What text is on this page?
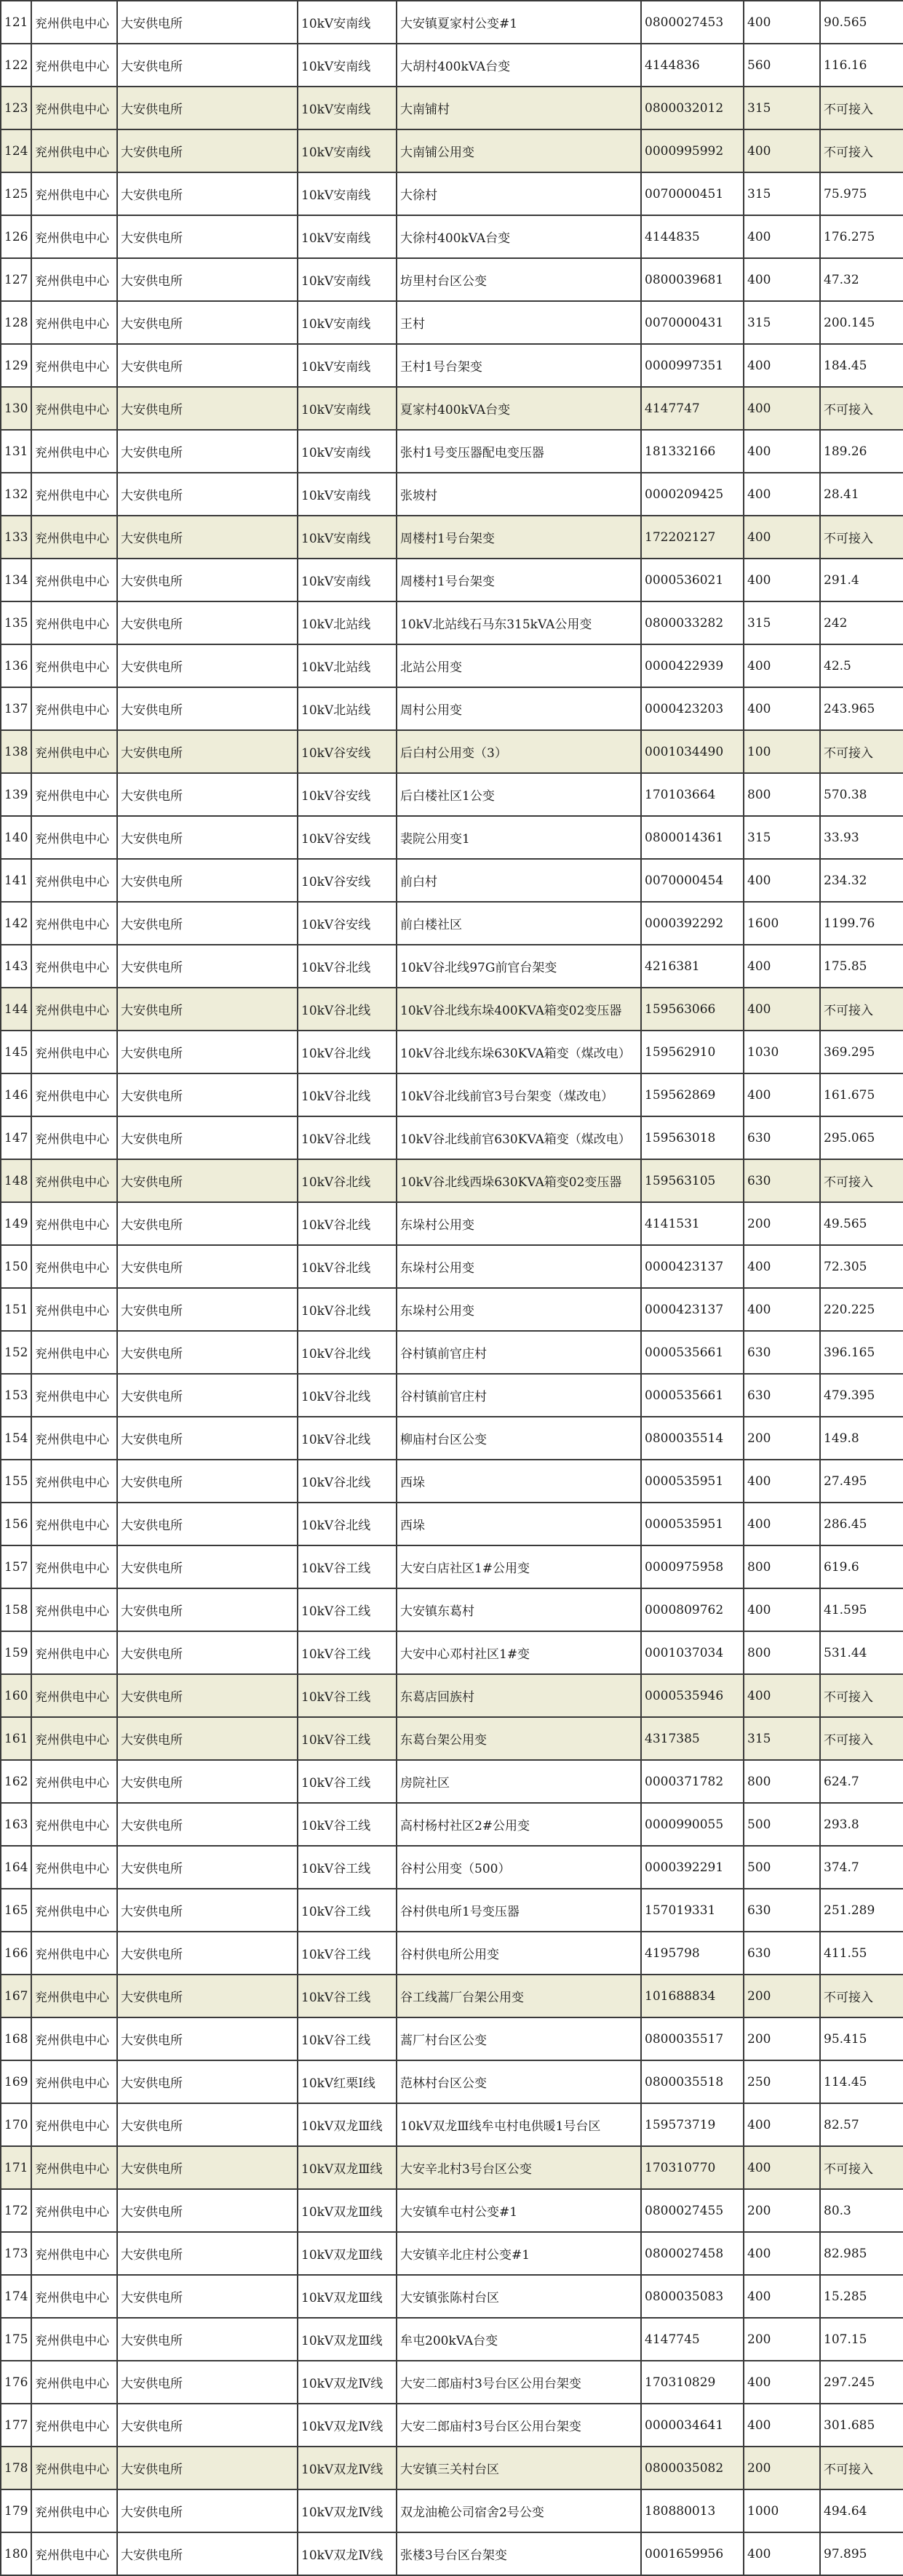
121	兖州供电中心	大安供电所	10kV安南线	大安镇夏家村公变#1	0800027453	400	90.565
122	兖州供电中心	大安供电所	10kV安南线	大胡村400kVA台变	4144836	560	116.16
123	兖州供电中心	大安供电所	10kV安南线	大南铺村	0800032012	315	不可接入
124	兖州供电中心	大安供电所	10kV安南线	大南铺公用变	0000995992	400	不可接入
125	兖州供电中心	大安供电所	10kV安南线	大徐村	0070000451	315	75.975
126	兖州供电中心	大安供电所	10kV安南线	大徐村400kVA台变	4144835	400	176.275
127	兖州供电中心	大安供电所	10kV安南线	坊里村台区公变	0800039681	400	47.32
128	兖州供电中心	大安供电所	10kV安南线	王村	0070000431	315	200.145
129	兖州供电中心	大安供电所	10kV安南线	王村1号台架变	0000997351	400	184.45
130	兖州供电中心	大安供电所	10kV安南线	夏家村400kVA台变	4147747	400	不可接入
131	兖州供电中心	大安供电所	10kV安南线	张村1号变压器配电变压器	181332166	400	189.26
132	兖州供电中心	大安供电所	10kV安南线	张坡村	0000209425	400	28.41
133	兖州供电中心	大安供电所	10kV安南线	周楼村1号台架变	172202127	400	不可接入
134	兖州供电中心	大安供电所	10kV安南线	周楼村1号台架变	0000536021	400	291.4
135	兖州供电中心	大安供电所	10kV北站线	10kV北站线石马东315kVA公用变	0800033282	315	242
136	兖州供电中心	大安供电所	10kV北站线	北站公用变	0000422939	400	42.5
137	兖州供电中心	大安供电所	10kV北站线	周村公用变	0000423203	400	243.965
138	兖州供电中心	大安供电所	10kV谷安线	后白村公用变（3）	0001034490	100	不可接入
139	兖州供电中心	大安供电所	10kV谷安线	后白楼社区1公变	170103664	800	570.38
140	兖州供电中心	大安供电所	10kV谷安线	裴院公用变1	0800014361	315	33.93
141	兖州供电中心	大安供电所	10kV谷安线	前白村	0070000454	400	234.32
142	兖州供电中心	大安供电所	10kV谷安线	前白楼社区	0000392292	1600	1199.76
143	兖州供电中心	大安供电所	10kV谷北线	10kV谷北线97G前官台架变	4216381	400	175.85
144	兖州供电中心	大安供电所	10kV谷北线	10kV谷北线东垛400KVA箱变02变压器	159563066	400	不可接入
145	兖州供电中心	大安供电所	10kV谷北线	10kV谷北线东垛630KVA箱变（煤改电）	159562910	1030	369.295
146	兖州供电中心	大安供电所	10kV谷北线	10kV谷北线前官3号台架变（煤改电）	159562869	400	161.675
147	兖州供电中心	大安供电所	10kV谷北线	10kV谷北线前官630KVA箱变（煤改电）	159563018	630	295.065
148	兖州供电中心	大安供电所	10kV谷北线	10kV谷北线西垛630KVA箱变02变压器	159563105	630	不可接入
149	兖州供电中心	大安供电所	10kV谷北线	东垛村公用变	4141531	200	49.565
150	兖州供电中心	大安供电所	10kV谷北线	东垛村公用变	0000423137	400	72.305
151	兖州供电中心	大安供电所	10kV谷北线	东垛村公用变	0000423137	400	220.225
152	兖州供电中心	大安供电所	10kV谷北线	谷村镇前官庄村	0000535661	630	396.165
153	兖州供电中心	大安供电所	10kV谷北线	谷村镇前官庄村	0000535661	630	479.395
154	兖州供电中心	大安供电所	10kV谷北线	柳庙村台区公变	0800035514	200	149.8
155	兖州供电中心	大安供电所	10kV谷北线	西垛	0000535951	400	27.495
156	兖州供电中心	大安供电所	10kV谷北线	西垛	0000535951	400	286.45
157	兖州供电中心	大安供电所	10kV谷工线	大安白店社区1#公用变	0000975958	800	619.6
158	兖州供电中心	大安供电所	10kV谷工线	大安镇东葛村	0000809762	400	41.595
159	兖州供电中心	大安供电所	10kV谷工线	大安中心邓村社区1#变	0001037034	800	531.44
160	兖州供电中心	大安供电所	10kV谷工线	东葛店回族村	0000535946	400	不可接入
161	兖州供电中心	大安供电所	10kV谷工线	东葛台架公用变	4317385	315	不可接入
162	兖州供电中心	大安供电所	10kV谷工线	房院社区	0000371782	800	624.7
163	兖州供电中心	大安供电所	10kV谷工线	高村杨村社区2#公用变	0000990055	500	293.8
164	兖州供电中心	大安供电所	10kV谷工线	谷村公用变（500）	0000392291	500	374.7
165	兖州供电中心	大安供电所	10kV谷工线	谷村供电所1号变压器	157019331	630	251.289
166	兖州供电中心	大安供电所	10kV谷工线	谷村供电所公用变	4195798	630	411.55
167	兖州供电中心	大安供电所	10kV谷工线	谷工线蒿厂台架公用变	101688834	200	不可接入
168	兖州供电中心	大安供电所	10kV谷工线	蒿厂村台区公变	0800035517	200	95.415
169	兖州供电中心	大安供电所	10kV红栗Ⅰ线	范林村台区公变	0800035518	250	114.45
170	兖州供电中心	大安供电所	10kV双龙Ⅲ线	10kV双龙Ⅲ线牟屯村电供暖1号台区	159573719	400	82.57
171	兖州供电中心	大安供电所	10kV双龙Ⅲ线	大安辛北村3号台区公变	170310770	400	不可接入
172	兖州供电中心	大安供电所	10kV双龙Ⅲ线	大安镇牟屯村公变#1	0800027455	200	80.3
173	兖州供电中心	大安供电所	10kV双龙Ⅲ线	大安镇辛北庄村公变#1	0800027458	400	82.985
174	兖州供电中心	大安供电所	10kV双龙Ⅲ线	大安镇张陈村台区	0800035083	400	15.285
175	兖州供电中心	大安供电所	10kV双龙Ⅲ线	牟屯200kVA台变	4147745	200	107.15
176	兖州供电中心	大安供电所	10kV双龙Ⅳ线	大安二郎庙村3号台区公用台架变	170310829	400	297.245
177	兖州供电中心	大安供电所	10kV双龙Ⅳ线	大安二郎庙村3号台区公用台架变	0000034641	400	301.685
178	兖州供电中心	大安供电所	10kV双龙Ⅳ线	大安镇三关村台区	0800035082	200	不可接入
179	兖州供电中心	大安供电所	10kV双龙Ⅳ线	双龙油桅公司宿舍2号公变	180880013	1000	494.64
180	兖州供电中心	大安供电所	10kV双龙Ⅳ线	张楼3号台区台架变	0001659956	400	97.895
